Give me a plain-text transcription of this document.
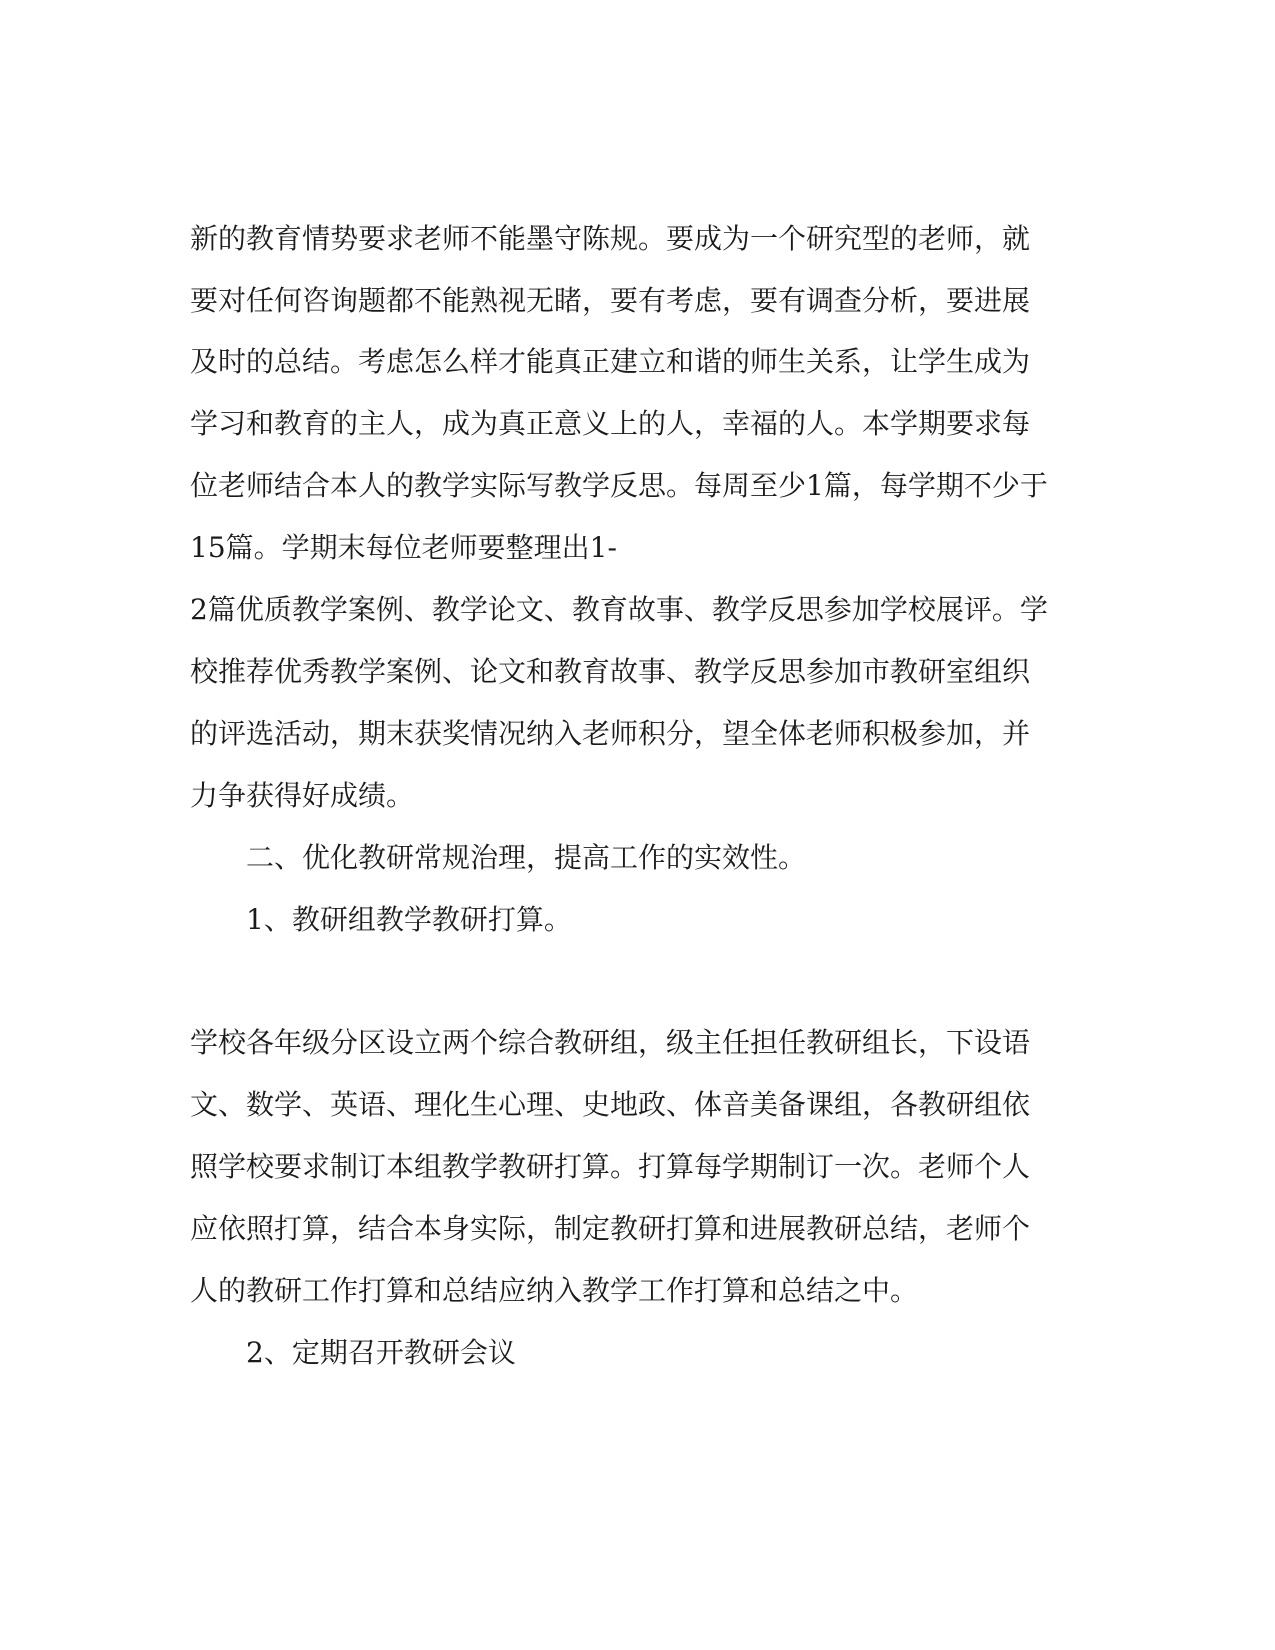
新的教育情势要求老师不能墨守陈规。要成为一个研究型的老师，就

要对任何咨询题都不能熟视无睹，要有考虑，要有调查分析，要进展

及时的总结。考虑怎么样才能真正建立和谐的师生关系，让学生成为

学习和教育的主人，成为真正意义上的人，幸福的人。本学期要求每

位老师结合本人的教学实际写教学反思。每周至少1篇，每学期不少于

15篇。学期末每位老师要整理出1-

2篇优质教学案例、教学论文、教育故事、教学反思参加学校展评。学

校推荐优秀教学案例、论文和教育故事、教学反思参加市教研室组织

的评选活动，期末获奖情况纳入老师积分，望全体老师积极参加，并

力争获得好成绩。

二、优化教研常规治理，提高工作的实效性。

1、教研组教学教研打算。

学校各年级分区设立两个综合教研组，级主任担任教研组长，下设语

文、数学、英语、理化生心理、史地政、体音美备课组，各教研组依

照学校要求制订本组教学教研打算。打算每学期制订一次。老师个人

应依照打算，结合本身实际，制定教研打算和进展教研总结，老师个

人的教研工作打算和总结应纳入教学工作打算和总结之中。

2、定期召开教研会议
